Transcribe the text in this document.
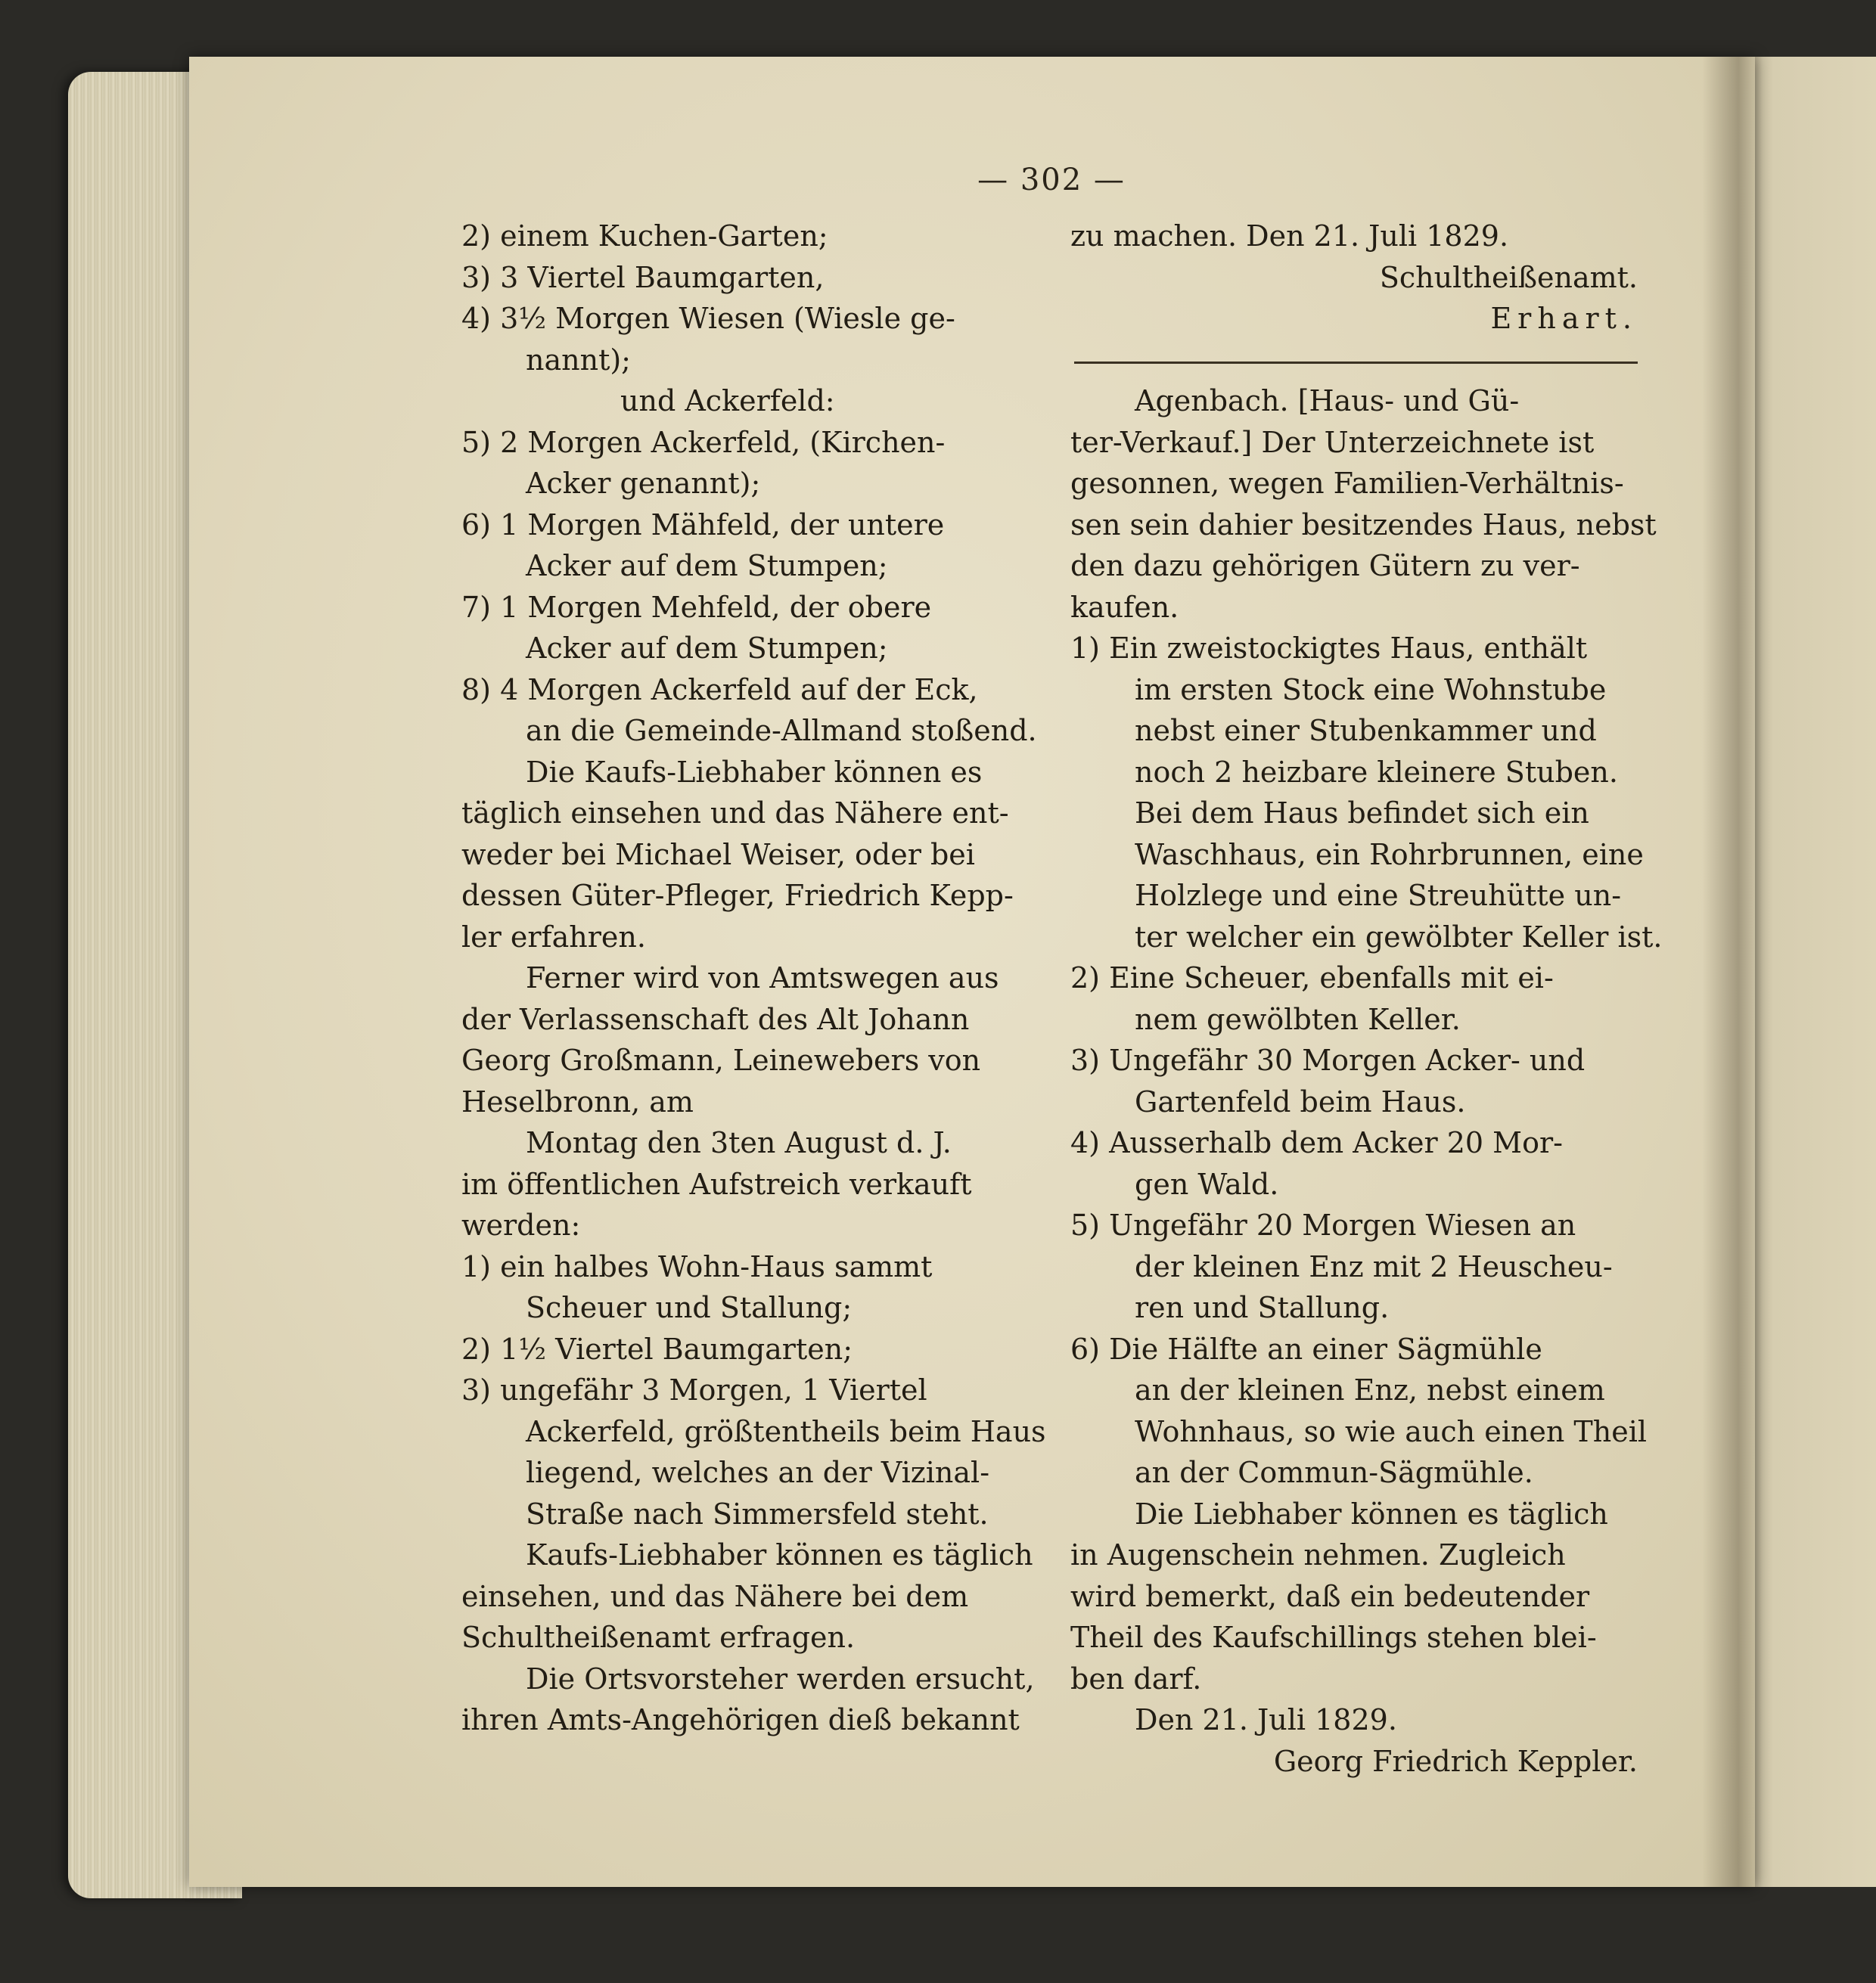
— 302 —
2) einem Kuchen-Garten;
3) 3 Viertel Baumgarten,
4) 3½ Morgen Wiesen (Wiesle ge-
nannt);
und Ackerfeld:
5) 2 Morgen Ackerfeld, (Kirchen-
Acker genannt);
6) 1 Morgen Mähfeld, der untere
Acker auf dem Stumpen;
7) 1 Morgen Mehfeld, der obere
Acker auf dem Stumpen;
8) 4 Morgen Ackerfeld auf der Eck,
an die Gemeinde-Allmand stoßend.
Die Kaufs-Liebhaber können es
täglich einsehen und das Nähere ent-
weder bei Michael Weiser, oder bei
dessen Güter-Pfleger, Friedrich Kepp-
ler erfahren.
Ferner wird von Amtswegen aus
der Verlassenschaft des Alt Johann
Georg Großmann, Leinewebers von
Heselbronn, am
Montag den 3ten August d. J.
im öffentlichen Aufstreich verkauft
werden:
1) ein halbes Wohn-Haus sammt
Scheuer und Stallung;
2) 1½ Viertel Baumgarten;
3) ungefähr 3 Morgen, 1 Viertel
Ackerfeld, größtentheils beim Haus
liegend, welches an der Vizinal-
Straße nach Simmersfeld steht.
Kaufs-Liebhaber können es täglich
einsehen, und das Nähere bei dem
Schultheißenamt erfragen.
Die Ortsvorsteher werden ersucht,
ihren Amts-Angehörigen dieß bekannt
zu machen. Den 21. Juli 1829.
Schultheißenamt.
Erhart.
Agenbach. [Haus- und Gü-
ter-Verkauf.] Der Unterzeichnete ist
gesonnen, wegen Familien-Verhältnis-
sen sein dahier besitzendes Haus, nebst
den dazu gehörigen Gütern zu ver-
kaufen.
1) Ein zweistockigtes Haus, enthält
im ersten Stock eine Wohnstube
nebst einer Stubenkammer und
noch 2 heizbare kleinere Stuben.
Bei dem Haus befindet sich ein
Waschhaus, ein Rohrbrunnen, eine
Holzlege und eine Streuhütte un-
ter welcher ein gewölbter Keller ist.
2) Eine Scheuer, ebenfalls mit ei-
nem gewölbten Keller.
3) Ungefähr 30 Morgen Acker- und
Gartenfeld beim Haus.
4) Ausserhalb dem Acker 20 Mor-
gen Wald.
5) Ungefähr 20 Morgen Wiesen an
der kleinen Enz mit 2 Heuscheu-
ren und Stallung.
6) Die Hälfte an einer Sägmühle
an der kleinen Enz, nebst einem
Wohnhaus, so wie auch einen Theil
an der Commun-Sägmühle.
Die Liebhaber können es täglich
in Augenschein nehmen. Zugleich
wird bemerkt, daß ein bedeutender
Theil des Kaufschillings stehen blei-
ben darf.
Den 21. Juli 1829.
Georg Friedrich Keppler.
